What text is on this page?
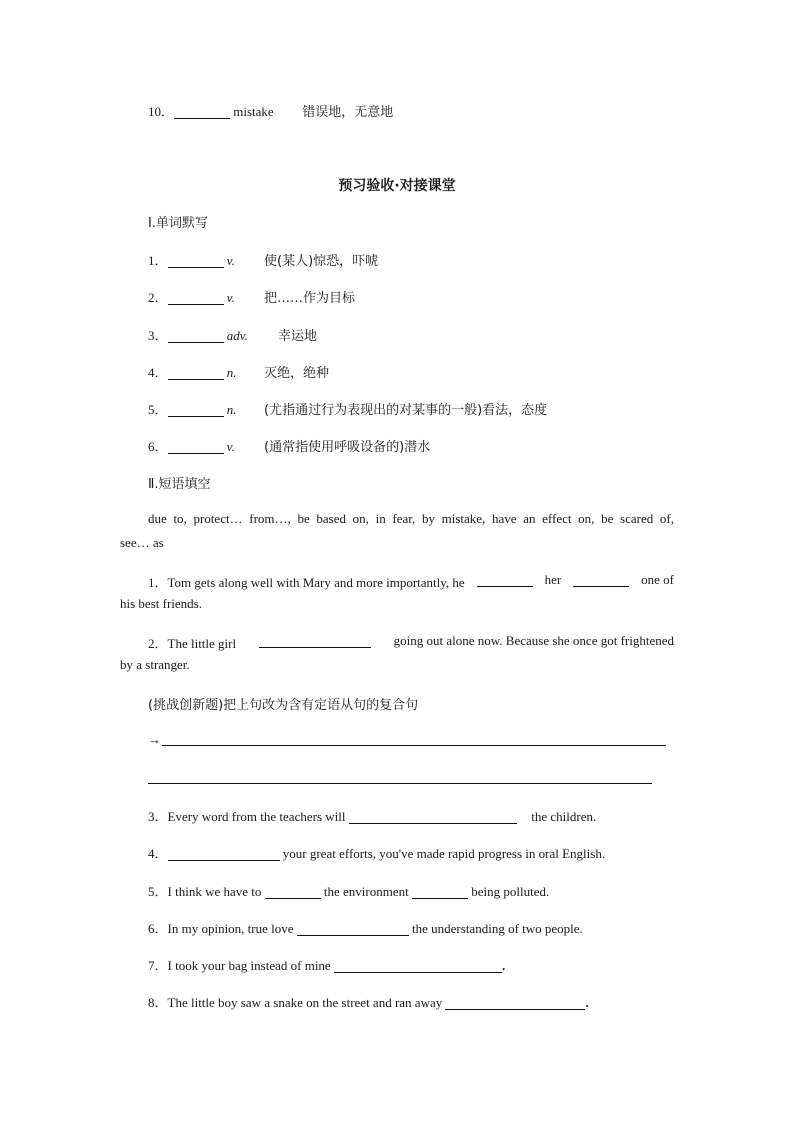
10．	mistake 错误地，无意地
预习验收·对接课堂
Ⅰ.单词默写
1．	v. 使(某人)惊恐，吓唬
2．	v. 把……作为目标
3．	adv. 幸运地
4．	n. 灭绝，绝种
5．	n. (尤指通过行为表现出的对某事的一般)看法，态度
6．	v. (通常指使用呼吸设备的)潜水
Ⅱ.短语填空
due to, protect… from…, be based on, in fear, by mistake, have an effect on, be scared of,
see… as
1．Tom gets along well with Mary and more importantly, he	her	one of
his best friends.
2．The little girl	going out alone now. Because she once got frightened
by a stranger.
(挑战创新题)把上句改为含有定语从句的复合句
→
3．Every word from the teachers will	the children.
4．	your great efforts, you've made rapid progress in oral English.
5．I think we have to	the environment	being polluted.
6．In my opinion, true love	the understanding of two people.
7．I took your bag instead of mine	.
8．The little boy saw a snake on the street and ran away	.
